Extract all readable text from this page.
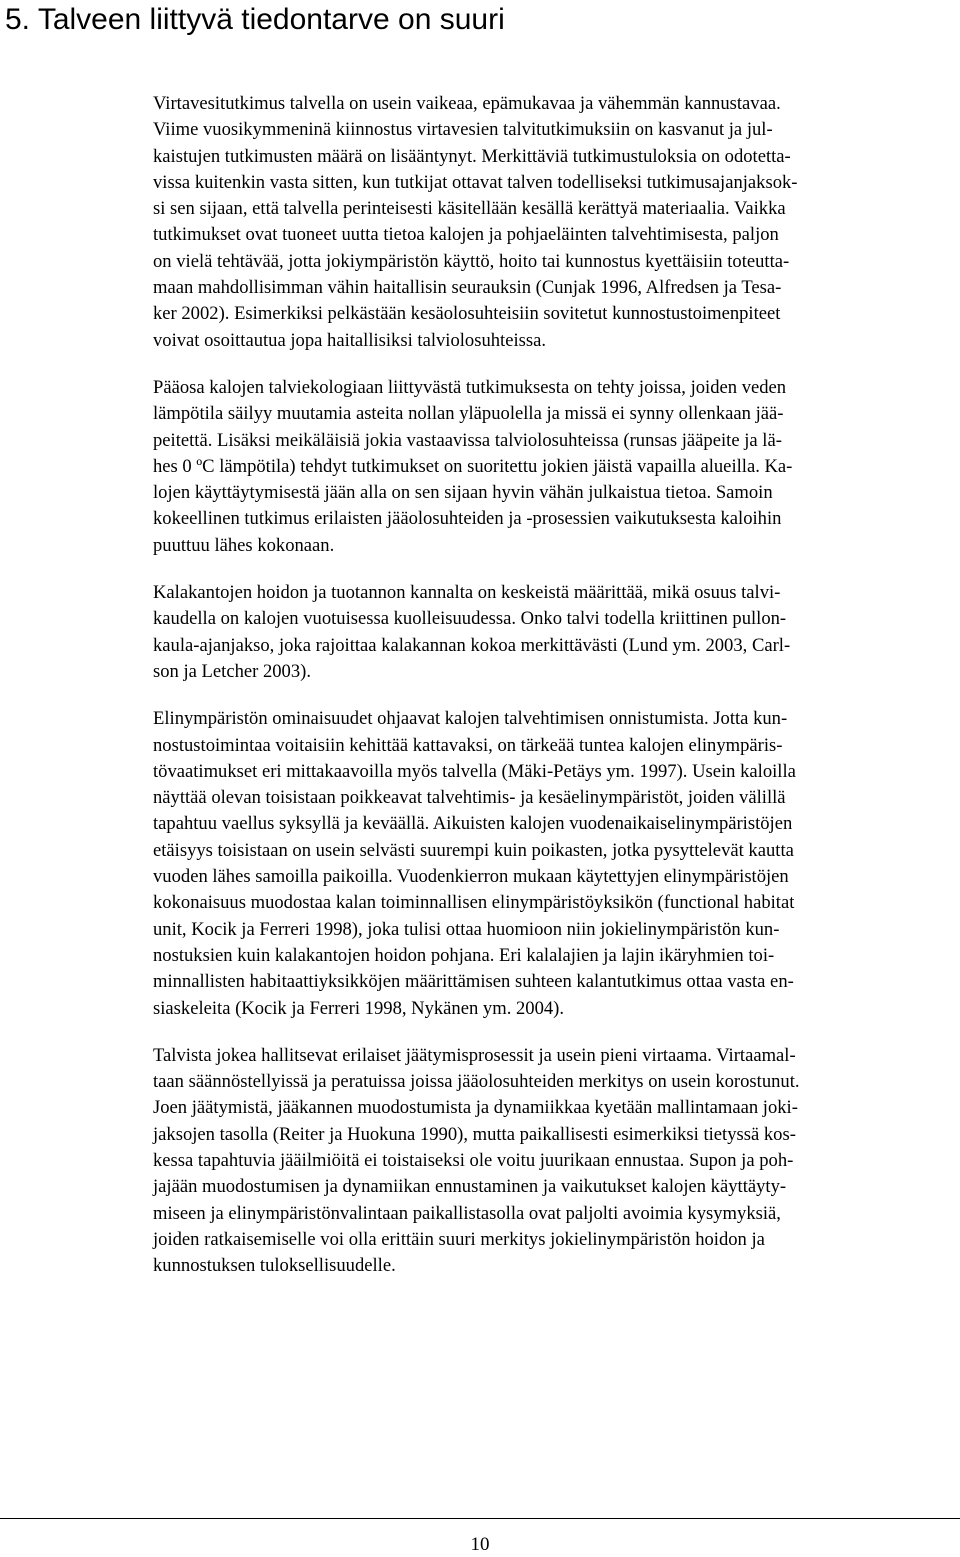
5. Talveen liittyvä tiedontarve on suuri

Virtavesitutkimus talvella on usein vaikeaa, epämukavaa ja vähemmän kannustavaa.
Viime vuosikymmeninä kiinnostus virtavesien talvitutkimuksiin on kasvanut ja jul-
kaistujen tutkimusten määrä on lisääntynyt. Merkittäviä tutkimustuloksia on odotetta-
vissa kuitenkin vasta sitten, kun tutkijat ottavat talven todelliseksi tutkimusajanjaksok-
si sen sijaan, että talvella perinteisesti käsitellään kesällä kerättyä materiaalia. Vaikka
tutkimukset ovat tuoneet uutta tietoa kalojen ja pohjaeläinten talvehtimisesta, paljon
on vielä tehtävää, jotta jokiympäristön käyttö, hoito tai kunnostus kyettäisiin toteutta-
maan mahdollisimman vähin haitallisin seurauksin (Cunjak 1996, Alfredsen ja Tesa-
ker 2002). Esimerkiksi pelkästään kesäolosuhteisiin sovitetut kunnostustoimenpiteet
voivat osoittautua jopa haitallisiksi talviolosuhteissa.

Pääosa kalojen talviekologiaan liittyvästä tutkimuksesta on tehty joissa, joiden veden
lämpötila säilyy muutamia asteita nollan yläpuolella ja missä ei synny ollenkaan jää-
peitettä. Lisäksi meikäläisiä jokia vastaavissa talviolosuhteissa (runsas jääpeite ja lä-
hes 0 ºC lämpötila) tehdyt tutkimukset on suoritettu jokien jäistä vapailla alueilla. Ka-
lojen käyttäytymisestä jään alla on sen sijaan hyvin vähän julkaistua tietoa. Samoin
kokeellinen tutkimus erilaisten jääolosuhteiden ja -prosessien vaikutuksesta kaloihin
puuttuu lähes kokonaan.

Kalakantojen hoidon ja tuotannon kannalta on keskeistä määrittää, mikä osuus talvi-
kaudella on kalojen vuotuisessa kuolleisuudessa. Onko talvi todella kriittinen pullon-
kaula-ajanjakso, joka rajoittaa kalakannan kokoa merkittävästi (Lund ym. 2003, Carl-
son ja Letcher 2003).

Elinympäristön ominaisuudet ohjaavat kalojen talvehtimisen onnistumista. Jotta kun-
nostustoimintaa voitaisiin kehittää kattavaksi, on tärkeää tuntea kalojen elinympäris-
tövaatimukset eri mittakaavoilla myös talvella (Mäki-Petäys ym. 1997). Usein kaloilla
näyttää olevan toisistaan poikkeavat talvehtimis- ja kesäelinympäristöt, joiden välillä
tapahtuu vaellus syksyllä ja keväällä. Aikuisten kalojen vuodenaikaiselinympäristöjen
etäisyys toisistaan on usein selvästi suurempi kuin poikasten, jotka pysyttelevät kautta
vuoden lähes samoilla paikoilla. Vuodenkierron mukaan käytettyjen elinympäristöjen
kokonaisuus muodostaa kalan toiminnallisen elinympäristöyksikön (functional habitat
unit, Kocik ja Ferreri 1998), joka tulisi ottaa huomioon niin jokielinympäristön kun-
nostuksien kuin kalakantojen hoidon pohjana. Eri kalalajien ja lajin ikäryhmien toi-
minnallisten habitaattiyksikköjen määrittämisen suhteen kalantutkimus ottaa vasta en-
siaskeleita (Kocik ja Ferreri 1998, Nykänen ym. 2004).

Talvista jokea hallitsevat erilaiset jäätymisprosessit ja usein pieni virtaama. Virtaamal-
taan säännöstellyissä ja peratuissa joissa jääolosuhteiden merkitys on usein korostunut.
Joen jäätymistä, jääkannen muodostumista ja dynamiikkaa kyetään mallintamaan joki-
jaksojen tasolla (Reiter ja Huokuna 1990), mutta paikallisesti esimerkiksi tietyssä kos-
kessa tapahtuvia jääilmiöitä ei toistaiseksi ole voitu juurikaan ennustaa. Supon ja poh-
jajään muodostumisen ja dynamiikan ennustaminen ja vaikutukset kalojen käyttäyty-
miseen ja elinympäristönvalintaan paikallistasolla ovat paljolti avoimia kysymyksiä,
joiden ratkaisemiselle voi olla erittäin suuri merkitys jokielinympäristön hoidon ja
kunnostuksen tuloksellisuudelle.

10
